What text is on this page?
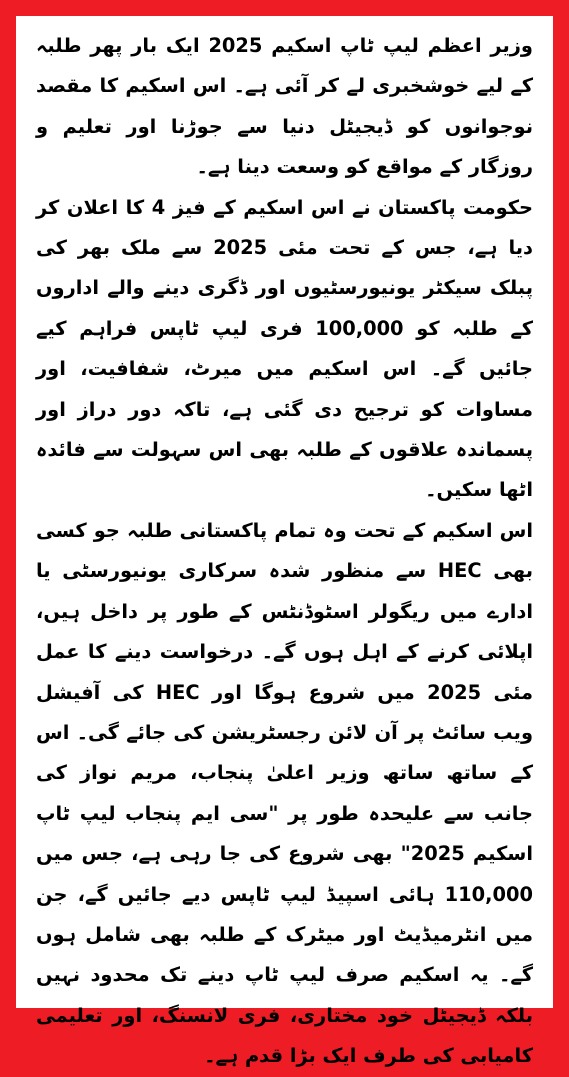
وزیر اعظم لیپ ٹاپ اسکیم 2025 ایک بار پھر طلبہ کے لیے خوشخبری لے کر آئی ہے۔ اس اسکیم کا مقصد نوجوانوں کو ڈیجیٹل دنیا سے جوڑنا اور تعلیم و روزگار کے مواقع کو وسعت دینا ہے۔

حکومت پاکستان نے اس اسکیم کے فیز 4 کا اعلان کر دیا ہے، جس کے تحت مئی 2025 سے ملک بھر کی پبلک سیکٹر یونیورسٹیوں اور ڈگری دینے والے اداروں کے طلبہ کو 100,000 فری لیپ ٹاپس فراہم کیے جائیں گے۔ اس اسکیم میں میرٹ، شفافیت، اور مساوات کو ترجیح دی گئی ہے، تاکہ دور دراز اور پسماندہ علاقوں کے طلبہ بھی اس سہولت سے فائدہ اٹھا سکیں۔

اس اسکیم کے تحت وہ تمام پاکستانی طلبہ جو کسی بھی HEC سے منظور شدہ سرکاری یونیورسٹی یا ادارے میں ریگولر اسٹوڈنٹس کے طور پر داخل ہیں، اپلائی کرنے کے اہل ہوں گے۔ درخواست دینے کا عمل مئی 2025 میں شروع ہوگا اور HEC کی آفیشل ویب سائٹ پر آن لائن رجسٹریشن کی جائے گی۔ اس کے ساتھ ساتھ وزیر اعلیٰ پنجاب، مریم نواز کی جانب سے علیحدہ طور پر "سی ایم پنجاب لیپ ٹاپ اسکیم 2025" بھی شروع کی جا رہی ہے، جس میں 110,000 ہائی اسپیڈ لیپ ٹاپس دیے جائیں گے، جن میں انٹرمیڈیٹ اور میٹرک کے طلبہ بھی شامل ہوں گے۔ یہ اسکیم صرف لیپ ٹاپ دینے تک محدود نہیں بلکہ ڈیجیٹل خود مختاری، فری لانسنگ، اور تعلیمی کامیابی کی طرف ایک بڑا قدم ہے۔
